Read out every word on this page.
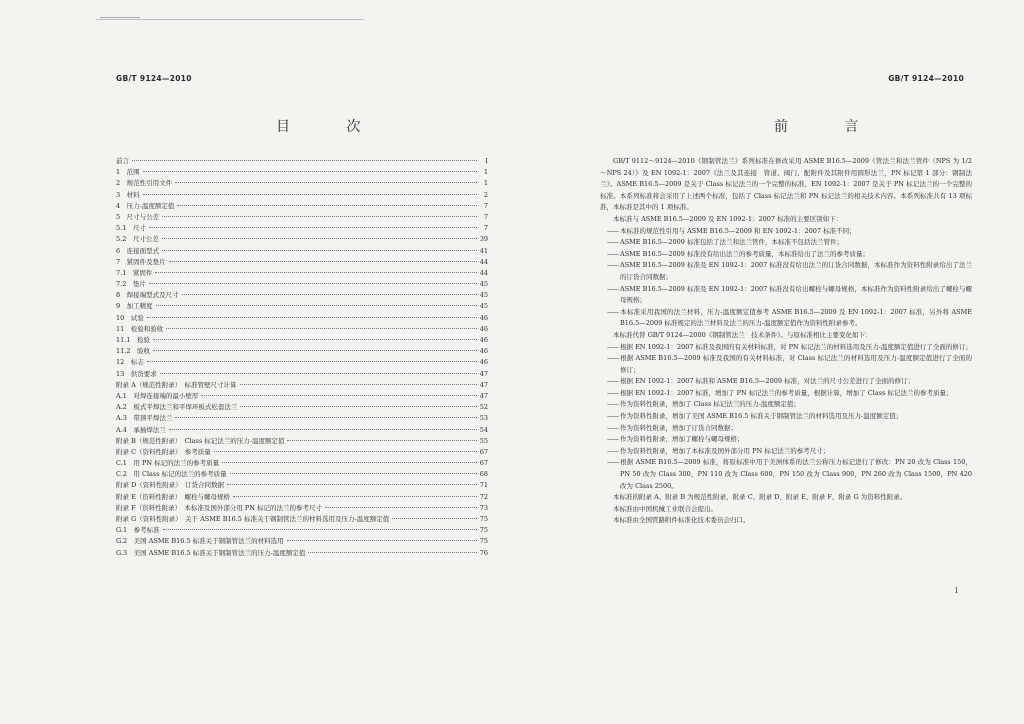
GB/T 9124—2010
目 次
前言	Ⅰ
1　范围	1
2　规范性引用文件	1
3　材料	2
4　压力-温度额定值	7
5　尺寸与公差	7
5.1　尺寸	7
5.2　尺寸公差	39
6　连接面型式	41
7　紧固件及垫片	44
7.1　紧固件	44
7.2　垫片	45
8　焊接端型式及尺寸	45
9　加工精度	45
10　试验	46
11　检验和验收	46
11.1　检验	46
11.2　验收	46
12　标志	46
13　供货要求	47
附录 A（规范性附录）　标准管壁尺寸计算	47
A.1　对焊连接端的最小壁厚	47
A.2　板式平焊法兰和平焊环板式松套法兰	52
A.3　带颈平焊法兰	53
A.4　承插焊法兰	54
附录 B（规范性附录）　Class 标记法兰的压力-温度额定值	55
附录 C（资料性附录）　参考质量	67
C.1　用 PN 标记的法兰的参考质量	67
C.2　用 Class 标记的法兰的参考质量	68
附录 D（资料性附录）　订货合同数据	71
附录 E（资料性附录）　螺栓与螺母规格	72
附录 F（资料性附录）　本标准及国外部分用 PN 标记的法兰的参考尺寸	73
附录 G（资料性附录）　关于 ASME B16.5 标准关于钢制管法兰的材料选用及压力-温度额定值	75
G.1　参考标准	75
G.2　美国 ASME B16.5 标准关于钢制管法兰的材料选用	75
G.3　美国 ASME B16.5 标准关于钢制管法兰的压力-温度额定值	76
GB/T 9124—2010
前 言

GB/T 9112～9124—2010《钢制管法兰》系列标准在修改采用 ASME B16.5—2009《管法兰和法兰管件（NPS 为 1/2～NPS 24）》及 EN 1092-1：2007《法兰及其连接　管道、阀门、配附件及其附件用圆形法兰，PN 标记第 1 部分：钢制法兰》。ASME B16.5—2009 是关于 Class 标记法兰的一个完整的标准，EN 1092-1：2007 是关于 PN 标记法兰的一个完整的标准。本系列标准将会采用了上述两个标准，包括了 Class 标记法兰和 PN 标记法兰的相关技术内容。本系列标准共有 13 项标准，本标准是其中的 1 项标准。

本标准与 ASME B16.5—2009 及 EN 1092-1：2007 标准的主要区别如下：

—— 本标准的规范性引用与 ASME B16.5—2009 和 EN 1092-1：2007 标准不同；

—— ASME B16.5—2009 标准包括了法兰和法兰管件，本标准不包括法兰管件；

—— ASME B16.5—2009 标准没有给出法兰的参考质量，本标准给出了法兰的参考质量；

—— ASME B16.5—2009 标准及 EN 1092-1：2007 标准没有给出法兰的订货合同数据，本标准作为资料性附录给出了法兰的订货合同数据；

—— ASME B16.5—2009 标准及 EN 1092-1：2007 标准没有给出螺栓与螺母规格，本标准作为资料性附录给出了螺栓与螺母规格；

—— 本标准采用我国的法兰材料，压力-温度额定值参考 ASME B16.5—2009 及 EN 1092-1：2007 标准，另外将 ASME B16.5—2009 标准规定的法兰材料及法兰的压力-温度额定值作为资料性附录参考。

本标准代替 GB/T 9124—2000《钢制管法兰　技术条件》。与原标准相比主要变化如下：

—— 根据 EN 1092-1：2007 标准及我国的有关材料标准，对 PN 标记法兰的材料选用及压力-温度额定值进行了全面的修订；

—— 根据 ASME B16.5—2009 标准及我国的有关材料标准，对 Class 标记法兰的材料选用及压力-温度额定值进行了全面的修订；

—— 根据 EN 1092-1：2007 标准和 ASME B16.5—2009 标准，对法兰的尺寸公差进行了全面的修订；

—— 根据 EN 1092-1：2007 标准，增加了 PN 标记法兰的参考质量，根据计算，增加了 Class 标记法兰的参考质量；

—— 作为资料性附录，增加了 Class 标记法兰的压力-温度额定值；

—— 作为资料性附录，增加了美国 ASME B16.5 标准关于钢制管法兰的材料选用及压力-温度额定值；

—— 作为资料性附录，增加了订货合同数据；

—— 作为资料性附录，增加了螺栓与螺母规格；

—— 作为资料性附录，增加了本标准及国外部分用 PN 标记法兰的参考尺寸；

—— 根据 ASME B16.5—2009 标准，将原标准中用于美洲体系的法兰公称压力标记进行了修改：PN 20 改为 Class 150，PN 50 改为 Class 300，PN 110 改为 Class 600，PN 150 改为 Class 900，PN 260 改为 Class 1500，PN 420 改为 Class 2500。

本标准的附录 A、附录 B 为规范性附录，附录 C、附录 D、附录 E、附录 F、附录 G 为资料性附录。

本标准由中国机械工业联合会提出。

本标准由全国管路附件标准化技术委员会归口。

Ⅰ
